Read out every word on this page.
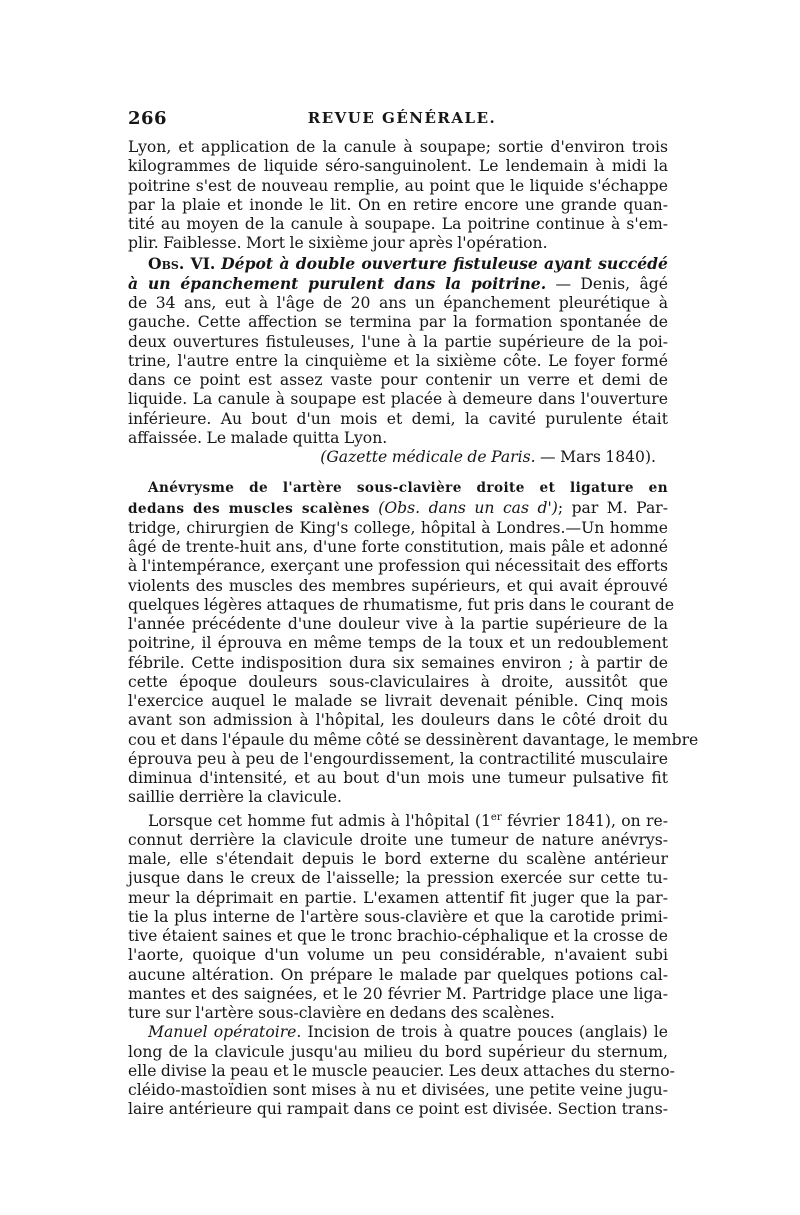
266	REVUE GÉNÉRALE.

Lyon, et application de la canule à soupape; sortie d'environ trois
kilogrammes de liquide séro-sanguinolent. Le lendemain à midi la
poitrine s'est de nouveau remplie, au point que le liquide s'échappe
par la plaie et inonde le lit. On en retire encore une grande quan-
tité au moyen de la canule à soupape. La poitrine continue à s'em-
plir. Faiblesse. Mort le sixième jour après l'opération.

Obs. VI. Dépot à double ouverture fistuleuse ayant succédé
à un épanchement purulent dans la poitrine. — Denis, âgé
de 34 ans, eut à l'âge de 20 ans un épanchement pleurétique à
gauche. Cette affection se termina par la formation spontanée de
deux ouvertures fistuleuses, l'une à la partie supérieure de la poi-
trine, l'autre entre la cinquième et la sixième côte. Le foyer formé
dans ce point est assez vaste pour contenir un verre et demi de
liquide. La canule à soupape est placée à demeure dans l'ouverture
inférieure. Au bout d'un mois et demi, la cavité purulente était
affaissée. Le malade quitta Lyon.
(Gazette médicale de Paris. — Mars 1840).

Anévrysme de l'artère sous-clavière droite et ligature en
dedans des muscles scalènes (Obs. dans un cas d'); par M. Par-
tridge, chirurgien de King's college, hôpital à Londres.—Un homme
âgé de trente-huit ans, d'une forte constitution, mais pâle et adonné
à l'intempérance, exerçant une profession qui nécessitait des efforts
violents des muscles des membres supérieurs, et qui avait éprouvé
quelques légères attaques de rhumatisme, fut pris dans le courant de
l'année précédente d'une douleur vive à la partie supérieure de la
poitrine, il éprouva en même temps de la toux et un redoublement
fébrile. Cette indisposition dura six semaines environ ; à partir de
cette époque douleurs sous-claviculaires à droite, aussitôt que
l'exercice auquel le malade se livrait devenait pénible. Cinq mois
avant son admission à l'hôpital, les douleurs dans le côté droit du
cou et dans l'épaule du même côté se dessinèrent davantage, le membre
éprouva peu à peu de l'engourdissement, la contractilité musculaire
diminua d'intensité, et au bout d'un mois une tumeur pulsative fit
saillie derrière la clavicule.

Lorsque cet homme fut admis à l'hôpital (1er février 1841), on re-
connut derrière la clavicule droite une tumeur de nature anévrys-
male, elle s'étendait depuis le bord externe du scalène antérieur
jusque dans le creux de l'aisselle; la pression exercée sur cette tu-
meur la déprimait en partie. L'examen attentif fit juger que la par-
tie la plus interne de l'artère sous-clavière et que la carotide primi-
tive étaient saines et que le tronc brachio-céphalique et la crosse de
l'aorte, quoique d'un volume un peu considérable, n'avaient subi
aucune altération. On prépare le malade par quelques potions cal-
mantes et des saignées, et le 20 février M. Partridge place une liga-
ture sur l'artère sous-clavière en dedans des scalènes.

Manuel opératoire. Incision de trois à quatre pouces (anglais) le
long de la clavicule jusqu'au milieu du bord supérieur du sternum,
elle divise la peau et le muscle peaucier. Les deux attaches du sterno-
cléido-mastoïdien sont mises à nu et divisées, une petite veine jugu-
laire antérieure qui rampait dans ce point est divisée. Section trans-
